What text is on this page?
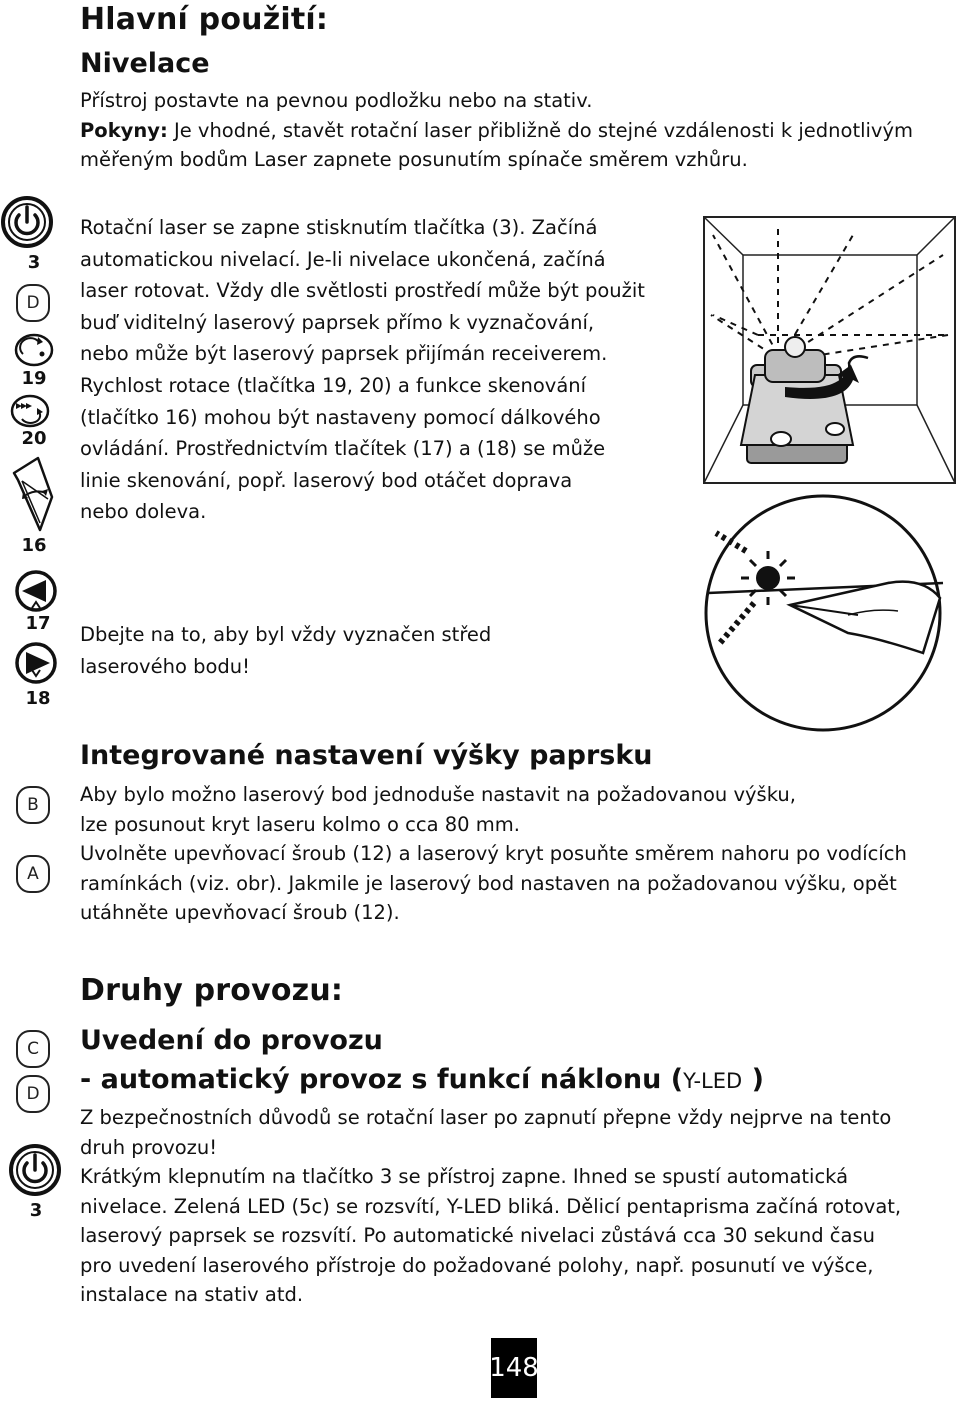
Hlavní použití:
Nivelace

Přístroj postavte na pevnou podložku nebo na stativ.

Pokyny: Je vhodné, stavět rotační laser přibližně do stejné vzdálenosti k jednotlivým měřeným bodům Laser zapnete posunutím spínače směrem vzhůru.

Rotační laser se zapne stisknutím tlačítka (3). Začíná

automatickou nivelací. Je-li nivelace ukončená, začíná

laser rotovat. Vždy dle světlosti prostředí může být použit

buď viditelný laserový paprsek přímo k vyznačování,

nebo může být laserový paprsek přijímán receiverem.

Rychlost rotace (tlačítka 19, 20) a funkce skenování

(tlačítko 16) mohou být nastaveny pomocí dálkového

ovládání. Prostřednictvím tlačítek (17) a (18) se může

linie skenování, popř. laserový bod otáčet doprava

nebo doleva.

Dbejte na to, aby byl vždy vyznačen střed

laserového bodu!

Integrované nastavení výšky paprsku

Aby bylo možno laserový bod jednoduše nastavit na požadovanou výšku,

lze posunout kryt laseru kolmo o cca 80 mm.

Uvolněte upevňovací šroub (12) a laserový kryt posuňte směrem nahoru po vodících

ramínkách (viz. obr). Jakmile je laserový bod nastaven na požadovanou výšku, opět

utáhněte upevňovací šroub (12).

Druhy provozu:
Uvedení do provozu
- automatický provoz s funkcí náklonu (Y-LED )

Z bezpečnostních důvodů se rotační laser po zapnutí přepne vždy nejprve na tento

druh provozu!

Krátkým klepnutím na tlačítko 3 se přístroj zapne. Ihned se spustí automatická

nivelace. Zelená LED (5c) se rozsvítí, Y-LED bliká. Dělicí pentaprisma začíná rotovat,

laserový paprsek se rozsvítí. Po automatické nivelaci zůstává cca 30 sekund času

pro uvedení laserového přístroje do požadované polohy, např. posunutí ve výšce,

instalace na stativ atd.

3
D
19
20
16
17
18
B
A
C
D
3
148
